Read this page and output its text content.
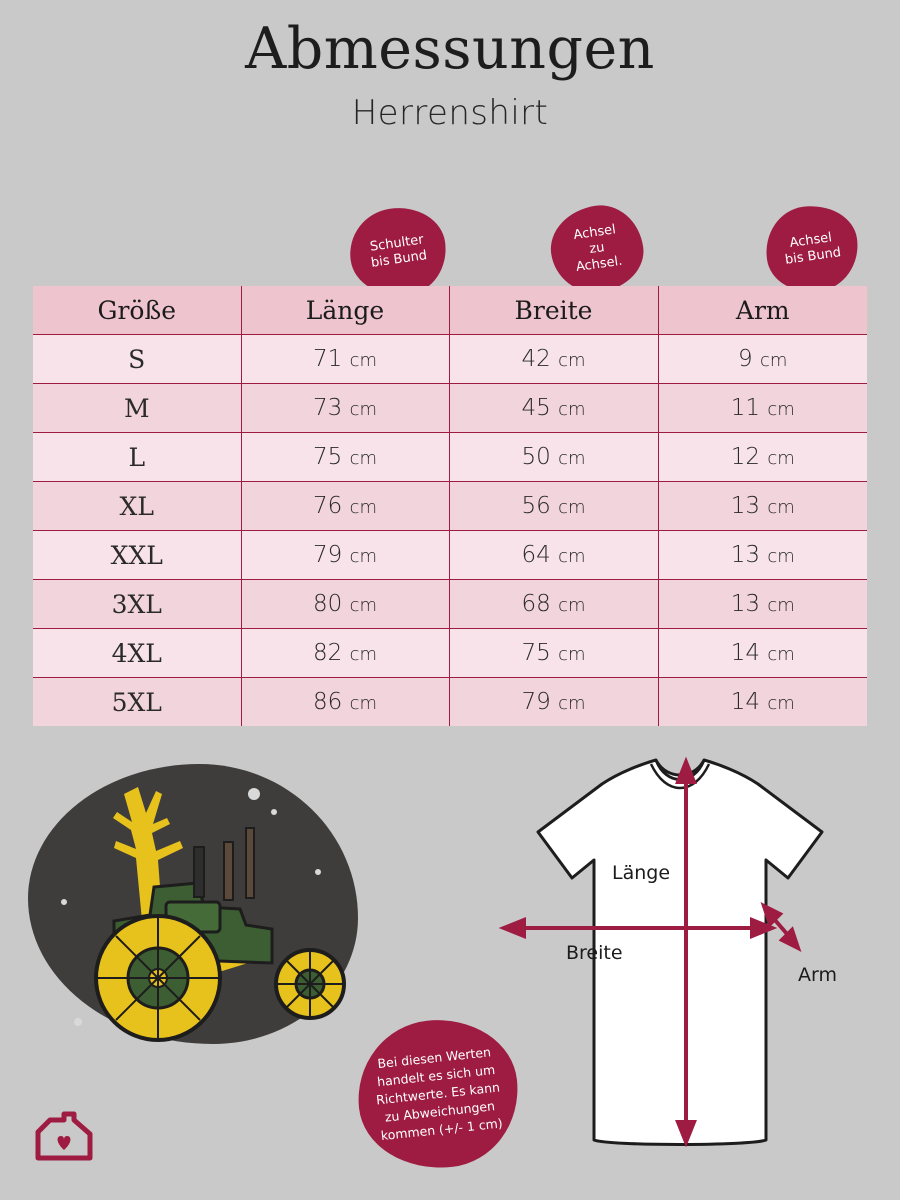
Abmessungen
Herrenshirt
Schulter
bis Bund
Achsel
zu
Achsel.
Achsel
bis Bund
Größe	Länge	Breite	Arm
S	71 cm	42 cm	9 cm
M	73 cm	45 cm	11 cm
L	75 cm	50 cm	12 cm
XL	76 cm	56 cm	13 cm
XXL	79 cm	64 cm	13 cm
3XL	80 cm	68 cm	13 cm
4XL	82 cm	75 cm	14 cm
5XL	86 cm	79 cm	14 cm
Länge
Breite
Arm
Bei diesen Werten handelt es sich um Richtwerte. Es kann zu Abweichungen kommen (+/- 1 cm)
